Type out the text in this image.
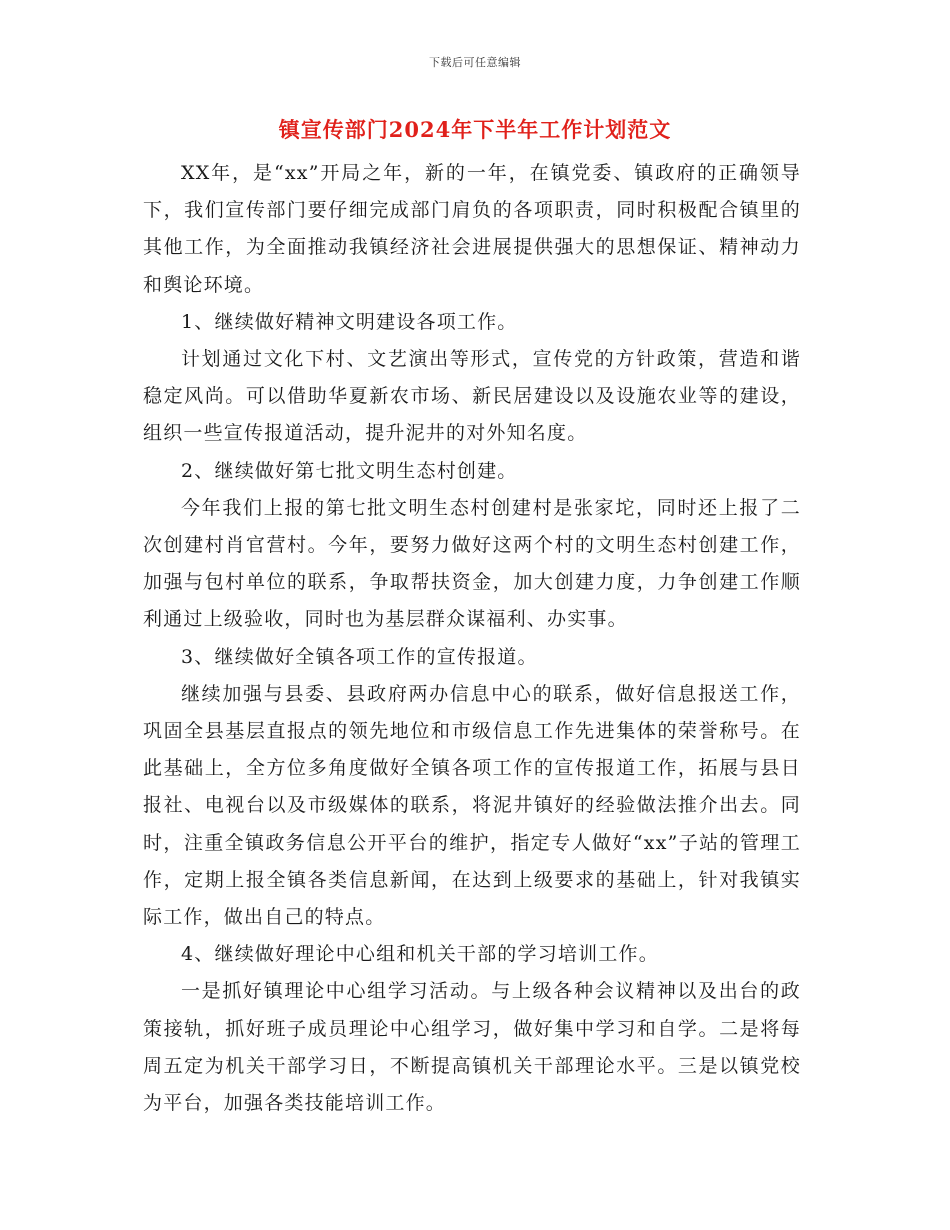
下载后可任意编辑
镇宣传部门2024年下半年工作计划范文

XX年，是“xx”开局之年，新的一年，在镇党委、镇政府的正确领导下，我们宣传部门要仔细完成部门肩负的各项职责，同时积极配合镇里的其他工作，为全面推动我镇经济社会进展提供强大的思想保证、精神动力和舆论环境。

1、继续做好精神文明建设各项工作。

计划通过文化下村、文艺演出等形式，宣传党的方针政策，营造和谐稳定风尚。可以借助华夏新农市场、新民居建设以及设施农业等的建设，组织一些宣传报道活动，提升泥井的对外知名度。

2、继续做好第七批文明生态村创建。

今年我们上报的第七批文明生态村创建村是张家坨，同时还上报了二次创建村肖官营村。今年，要努力做好这两个村的文明生态村创建工作，加强与包村单位的联系，争取帮扶资金，加大创建力度，力争创建工作顺利通过上级验收，同时也为基层群众谋福利、办实事。

3、继续做好全镇各项工作的宣传报道。

继续加强与县委、县政府两办信息中心的联系，做好信息报送工作，巩固全县基层直报点的领先地位和市级信息工作先进集体的荣誉称号。在此基础上，全方位多角度做好全镇各项工作的宣传报道工作，拓展与县日报社、电视台以及市级媒体的联系，将泥井镇好的经验做法推介出去。同时，注重全镇政务信息公开平台的维护，指定专人做好“xx”子站的管理工作，定期上报全镇各类信息新闻，在达到上级要求的基础上，针对我镇实际工作，做出自己的特点。

4、继续做好理论中心组和机关干部的学习培训工作。

一是抓好镇理论中心组学习活动。与上级各种会议精神以及出台的政策接轨，抓好班子成员理论中心组学习，做好集中学习和自学。二是将每周五定为机关干部学习日，不断提高镇机关干部理论水平。三是以镇党校为平台，加强各类技能培训工作。
